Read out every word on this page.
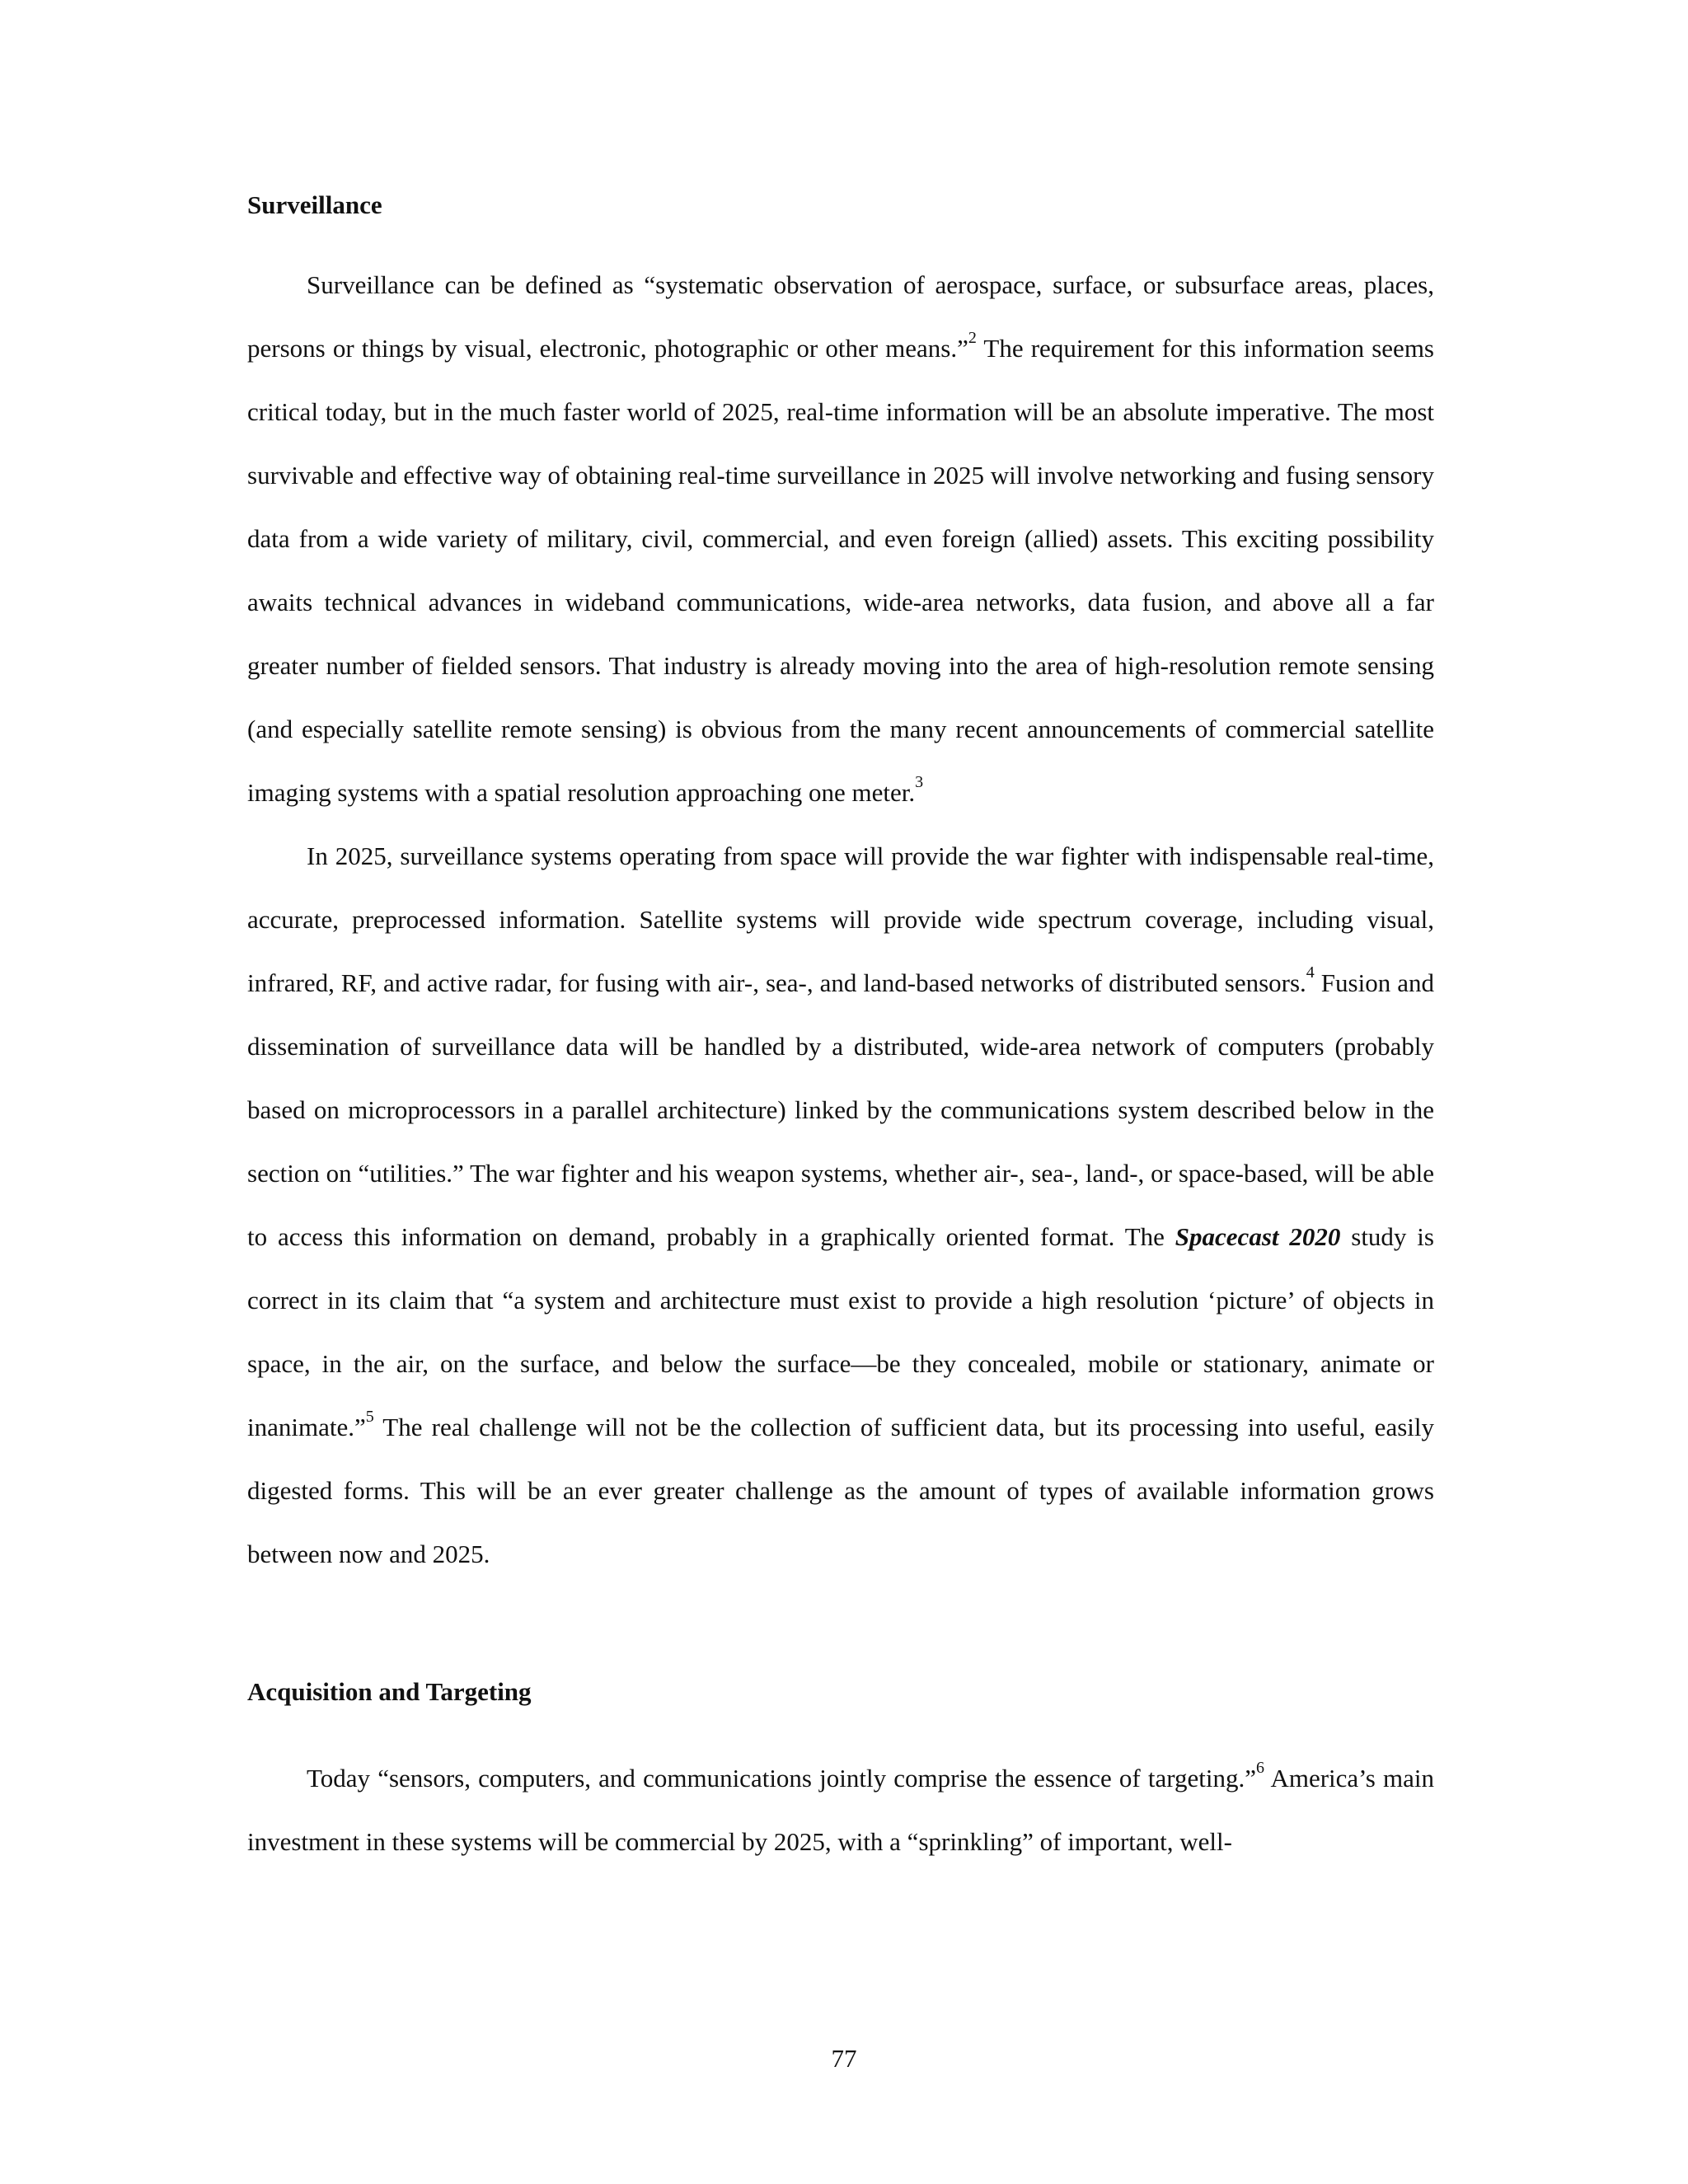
Surveillance

Surveillance can be defined as “systematic observation of aerospace, surface, or subsurface areas, places, persons or things by visual, electronic, photographic or other means.”$^2$ The requirement for this information seems critical today, but in the much faster world of 2025, real-time information will be an absolute imperative. The most survivable and effective way of obtaining real-time surveillance in 2025 will involve networking and fusing sensory data from a wide variety of military, civil, commercial, and even foreign (allied) assets. This exciting possibility awaits technical advances in wideband communications, wide-area networks, data fusion, and above all a far greater number of fielded sensors. That industry is already moving into the area of high-resolution remote sensing (and especially satellite remote sensing) is obvious from the many recent announcements of commercial satellite imaging systems with a spatial resolution approaching one meter.$^3$

In 2025, surveillance systems operating from space will provide the war fighter with indispensable real-time, accurate, preprocessed information. Satellite systems will provide wide spectrum coverage, including visual, infrared, RF, and active radar, for fusing with air-, sea-, and land-based networks of distributed sensors.$^4$ Fusion and dissemination of surveillance data will be handled by a distributed, wide-area network of computers (probably based on microprocessors in a parallel architecture) linked by the communications system described below in the section on “utilities.” The war fighter and his weapon systems, whether air-, sea-, land-, or space-based, will be able to access this information on demand, probably in a graphically oriented format. The Spacecast 2020 study is correct in its claim that “a system and architecture must exist to provide a high resolution ‘picture’ of objects in space, in the air, on the surface, and below the surface—be they concealed, mobile or stationary, animate or inanimate.”$^5$ The real challenge will not be the collection of sufficient data, but its processing into useful, easily digested forms. This will be an ever greater challenge as the amount of types of available information grows between now and 2025.

Acquisition and Targeting

Today “sensors, computers, and communications jointly comprise the essence of targeting.”$^6$ America’s main investment in these systems will be commercial by 2025, with a “sprinkling” of important, well-

77
